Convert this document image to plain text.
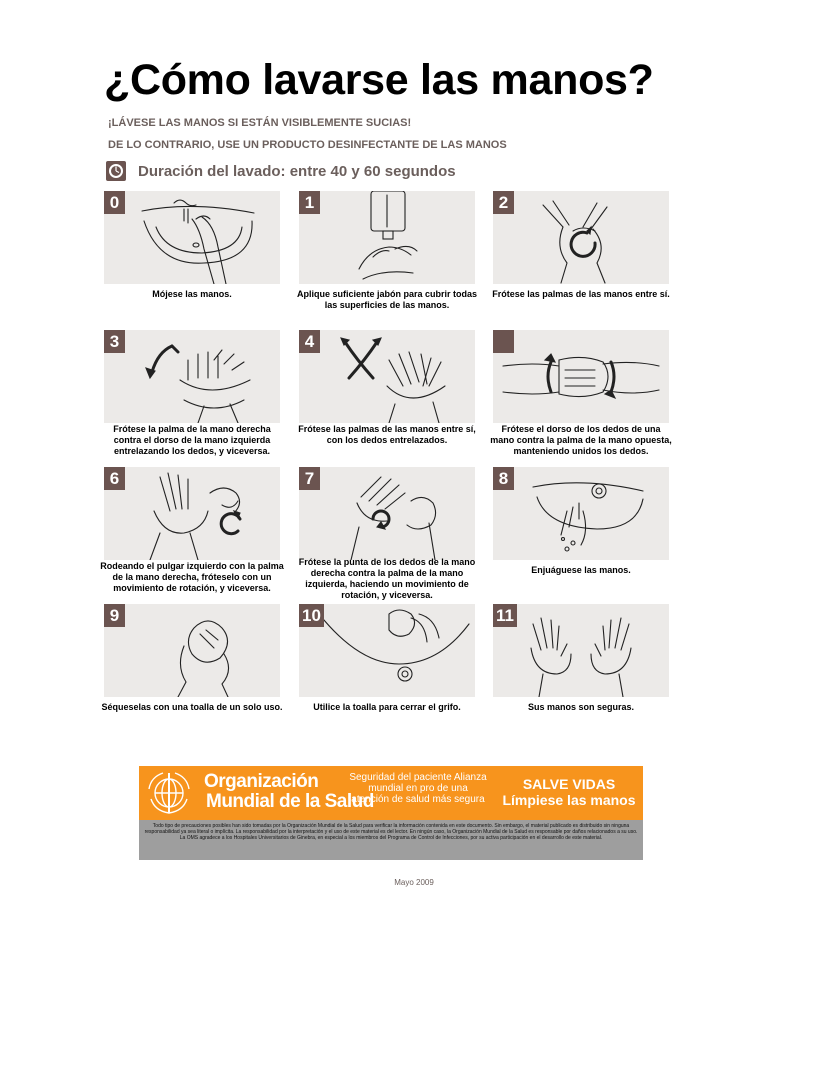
¿Cómo lavarse las manos?
¡LÁVESE LAS MANOS SI ESTÁN VISIBLEMENTE SUCIAS!
DE LO CONTRARIO, USE UN PRODUCTO DESINFECTANTE DE LAS MANOS
Duración del lavado: entre 40 y 60 segundos
0
Mójese las manos.
1
Aplique suficiente jabón para cubrir todas las superficies de las manos.
2
Frótese las palmas de las manos entre sí.
3
Frótese la palma de la mano derecha contra el dorso de la mano izquierda entrelazando los dedos, y viceversa.
4
Frótese las palmas de las manos entre sí, con los dedos entrelazados.
Frótese el dorso de los dedos de una mano contra la palma de la mano opuesta, manteniendo unidos los dedos.
6
Rodeando el pulgar izquierdo con la palma de la mano derecha, fróteselo con un movimiento de rotación, y viceversa.
7
Frótese la punta de los dedos de la mano derecha contra la palma de la mano izquierda, haciendo un movimiento de rotación, y viceversa.
8
Enjuáguese las manos.
9
Séqueselas con una toalla de un solo uso.
10
Utilice la toalla para cerrar el grifo.
11
Sus manos son seguras.
Organización
Mundial de la Salud
Seguridad del paciente Alianza mundial en pro de una atención de salud más segura
SALVE VIDAS
Límpiese las manos
Todo tipo de precauciones posibles han sido tomadas por la Organización Mundial de la Salud para verificar la información contenida en este documento. Sin embargo, el material publicado es distribuido sin ninguna responsabilidad ya sea literal o implícita. La responsabilidad por la interpretación y el uso de este material es del lector. En ningún caso, la Organización Mundial de la Salud es responsable por daños relacionados a su uso.
La OMS agradece a los Hospitales Universitarios de Ginebra, en especial a los miembros del Programa de Control de Infecciones, por su activa participación en el desarrollo de este material.
Mayo 2009
